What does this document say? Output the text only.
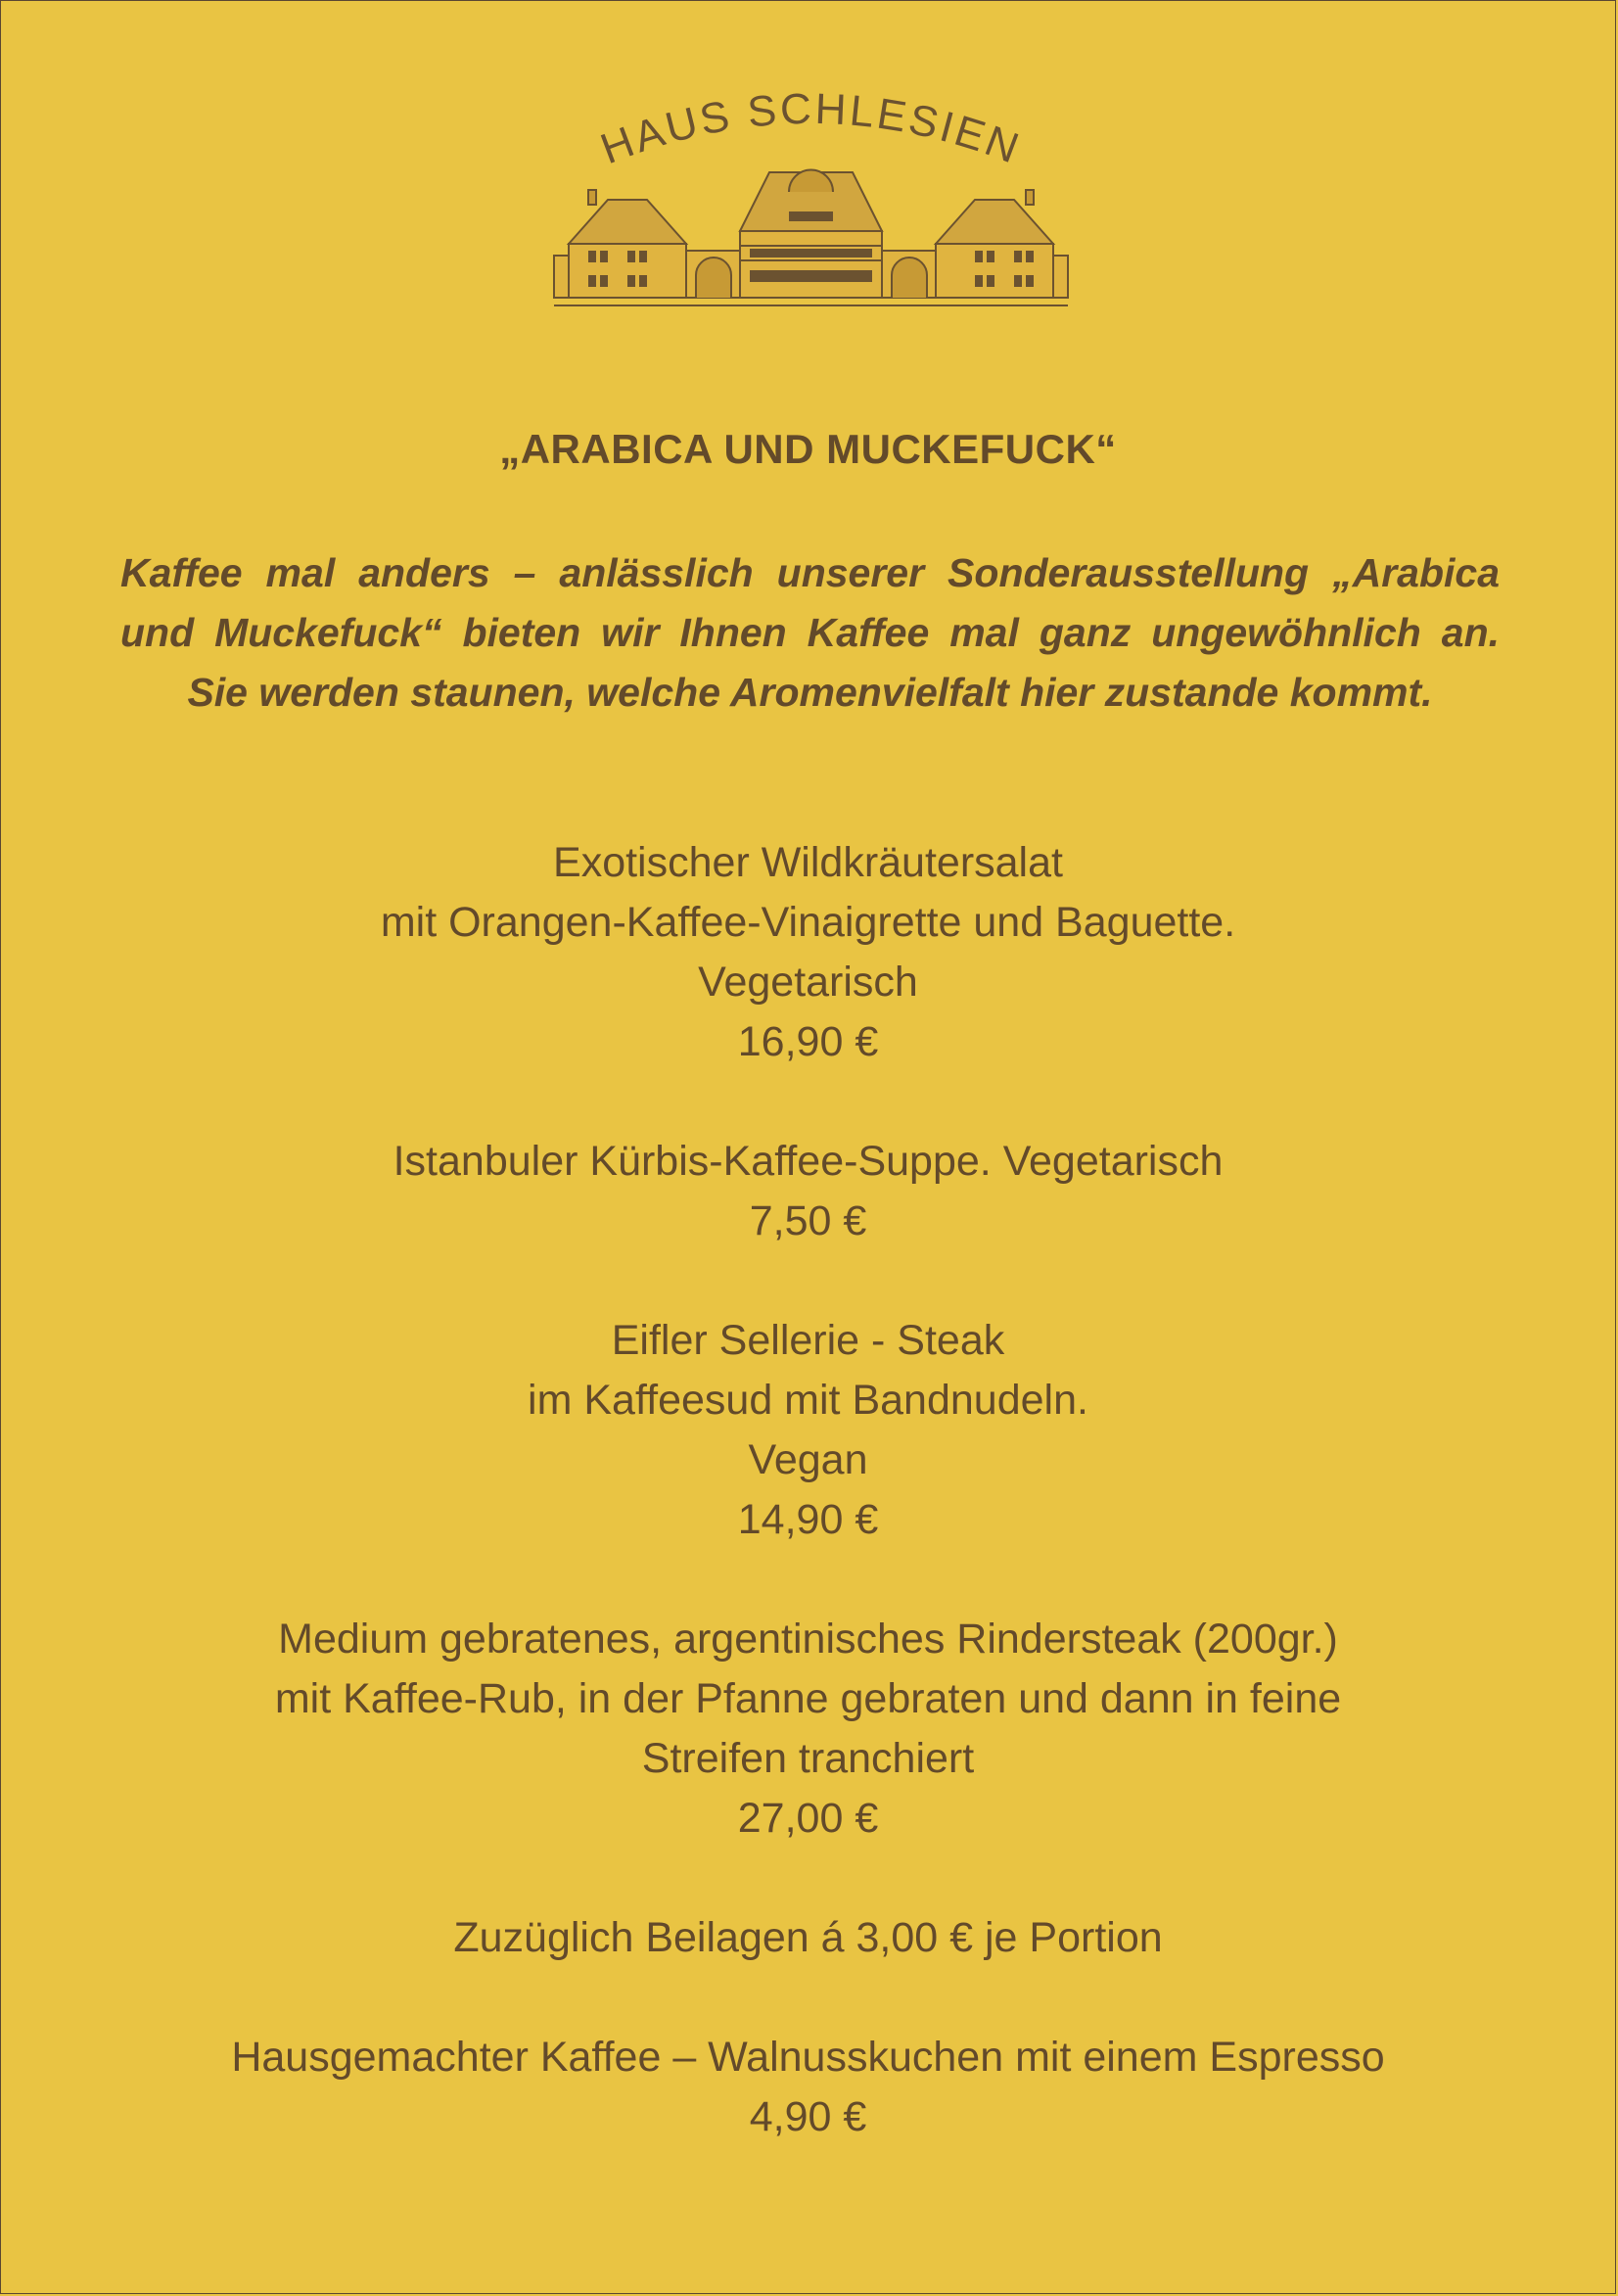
HAUS SCHLESIEN
„ARABICA UND MUCKEFUCK“
Kaffee mal anders – anlässlich unserer Sonderausstellung „Arabica
und Muckefuck“ bieten wir Ihnen Kaffee mal ganz ungewöhnlich an.
Sie werden staunen, welche Aromenvielfalt hier zustande kommt.
Exotischer Wildkräutersalat
mit Orangen-Kaffee-Vinaigrette und Baguette.
Vegetarisch
16,90 €
Istanbuler Kürbis-Kaffee-Suppe. Vegetarisch
7,50 €
Eifler Sellerie - Steak
im Kaffeesud mit Bandnudeln.
Vegan
14,90 €
Medium gebratenes, argentinisches Rindersteak (200gr.)
mit Kaffee-Rub, in der Pfanne gebraten und dann in feine
Streifen tranchiert
27,00 €
Zuzüglich Beilagen á 3,00 € je Portion
Hausgemachter Kaffee – Walnusskuchen mit einem Espresso
4,90 €
